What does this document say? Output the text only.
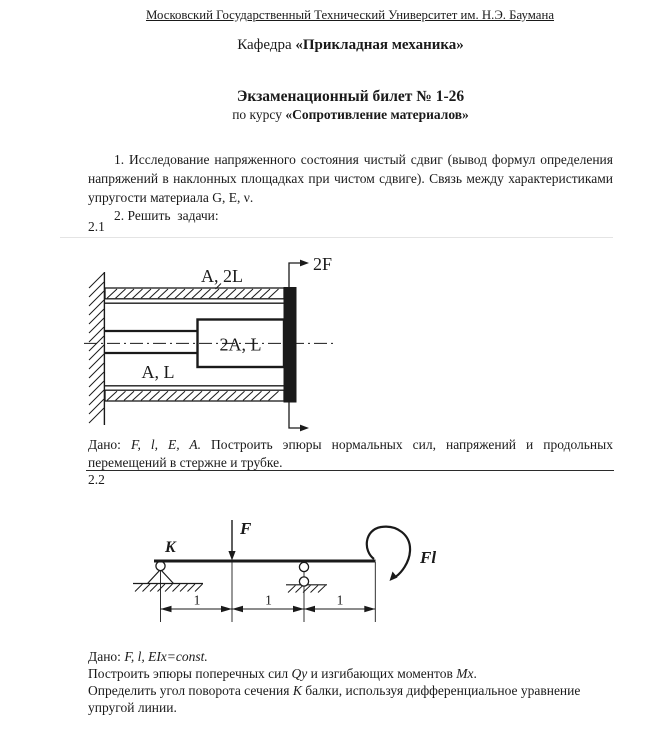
Московский Государственный Технический Университет им. Н.Э. Баумана
Кафедра «Прикладная механика»
Экзаменационный билет № 1-26
по курсу «Сопротивление материалов»
1. Исследование напряженного состояния чистый сдвиг (вывод формул определения
напряжений в наклонных площадках при чистом сдвиге). Связь между характеристиками
упругости материала G, E, ν.
2. Решить  задачи:
2.1
A, 2L
2A, L
A, L
2F
Дано: F, l, E, A. Построить эпюры нормальных сил, напряжений и продольных
перемещений в стержне и трубке.
2.2
K
F
Fl
1	1	1
Дано: F, l, EIx=const.
Построить эпюры поперечных сил Qy и изгибающих моментов Mx.
Определить угол поворота сечения K балки, используя дифференциальное уравнение
упругой линии.
